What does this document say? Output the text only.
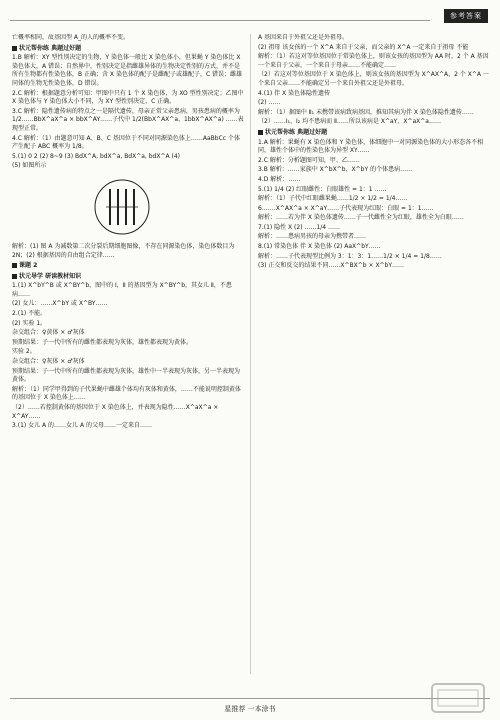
参考答案
亡概率相同，故基因型 A_的人的概率不变。
状元帮你练 典题过好题
1.B 解析：XY 型性别决定的生物，Y 染色体一般比 X 染色体小，但果蝇 Y 染色体比 X 染色体大，A 错误；自然界中，性别决定是指雌雄异体的生物决定性别的方式，并不是所有生物都有性染色体，B 正确；含 X 染色体的配子是雌配子或雄配子，C 错误；雌雄同体的生物无性染色体，D 错误。
2.C 解析：根据题意分析可知：甲图中只有 1 个 X 染色体，为 XO 型性别决定；乙图中 X 染色体与 Y 染色体大小不同，为 XY 型性别决定，C 正确。
3.C 解析：隐性遗传病的特点之一是隔代遗传，母亲正常父亲患病，男孩患病的概率为 1/2……BbX^aX^a × bbX^AY……子代中 1/2(BbX^AX^a、1bbX^AX^a) ……表现型正常。
4.C 解析：（1）由题意可知 A、B、C 基因位于不同对同源染色体上……AaBbCc 个体产生配子 ABC 概率为 1/8。
5.(1) 0 2 (2) 8~9 (3) BdX^A, bdX^a, BdX^a, bdX^A (4)
(5) 如图所示
解析：(1) 图 A 为减数第二次分裂后期细胞图像，不存在同源染色体，染色体数目为 2N；(2) 根据基因的自由组合定律……
课题 2
状元导学 研读教材知识
1.(1) X^bY^B 或 X^BY^b，图中的 I，Ⅱ 的基因型为 X^BY^b，其女儿 Ⅱ，不患病……
(2) 女儿：……X^bY 或 X^BY……
2.(1) 不能。
(2) 实验 1。
杂交组合：♀黄体 × ♂灰体
预期结果：子一代中所有的雌性都表现为灰体，雄性都表现为黄体。
实验 2。
杂交组合：♀灰体 × ♂灰体
预期结果：子一代中所有的雌性都表现为灰体，雄性中一半表现为灰体，另一半表现为黄体。
解析：（1）同学甲得到的子代果蝇中雌雄个体均有灰体和黄体，……不能说明控制黄体的基因位于 X 染色体上……
（2）……若控制黄体的基因位于 X 染色体上，并表现为隐性……X^aX^a × X^AY……
3.(1) 女儿 A 的……女儿 A 的父母……一定来自……
A 基因来自于外祖父还是外祖母。
(2) 祖母 该女孩的一个 X^A 来自于父亲，而父亲的 X^A 一定来自于祖母 不能
解析：（1）若这对等位基因位于常染色体上，则该女孩的基因型为 AA 时，2 个 A 基因一个来自于父亲，一个来自于母亲……不能确定……
（2）若这对等位基因位于 X 染色体上，则该女孩的基因型为 X^AX^A，2 个 X^A 一个来自父亲……不能确定另一个来自外祖父还是外祖母。
4.(1) 伴 X 染色体隐性遗传
(2) ……
解析：（1）据图中 Ⅱ₁ 未携带该病致病基因，推知其病为伴 X 染色体隐性遗传……
（2）……I₁、I₂ 均不患病而 Ⅱ……所以该病是 X^aY、X^aX^a……
状元帮你练 典题过好题
1.A 解析：果蝇有 X 染色体和 Y 染色体，体细胞中一对同源染色体的大小形态各不相同，雄性个体中的性染色体为异型 XY……
2.C 解析：分析题图可知，甲、乙……
3.B 解析：……家族中 X^bX^b、X^bY 的个体患病……
4.D 解析：……
5.(1) 1/4 (2) 红眼雌性：白眼雄性 = 1：1 ……
解析：（1）子代中红眼雌果蝇……1/2 × 1/2 = 1/4……
6.……X^AX^a × X^aY……子代表现为红眼：白眼 = 1：1……
解析：……若为伴 X 染色体遗传……子一代雌性全为红眼，雄性全为白眼……
7.(1) 隐性 X (2) ……1/4 ……
解析：……患病男孩的母亲为携带者……
8.(1) 常染色体 伴 X 染色体 (2) AaX^bY……
解析：……子代表现型比例为 3：1：3：1……1/2 × 1/4 = 1/8……
(3) 正交和反交的结果不同……X^BX^b × X^bY……
星推荐 一本涂书
